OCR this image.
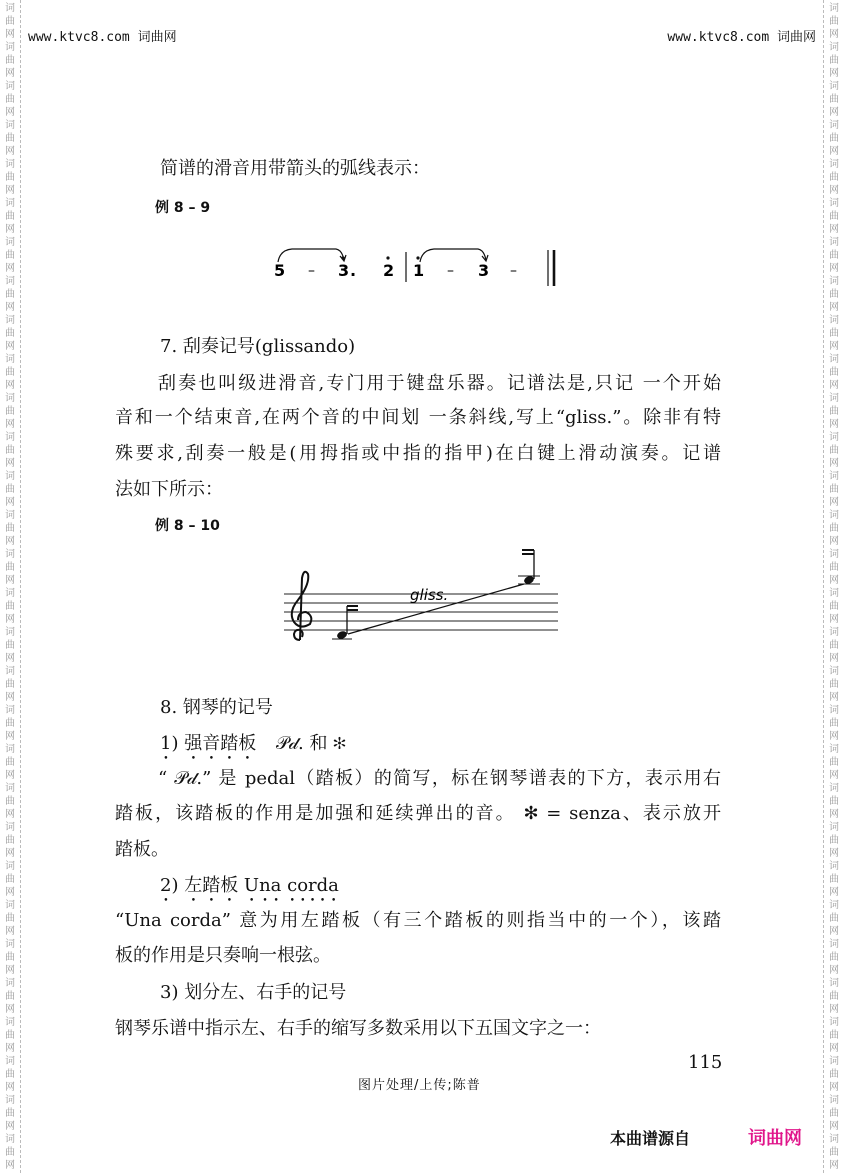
词曲网词曲网词曲网词曲网词曲网词曲网词曲网词曲网词曲网词曲网词曲网词曲网词曲网词曲网词曲网词曲网词曲网词曲网词曲网词曲网词曲网词曲网词曲网词曲网词曲网词曲网词曲网词曲网词曲网词曲网
词曲网词曲网词曲网词曲网词曲网词曲网词曲网词曲网词曲网词曲网词曲网词曲网词曲网词曲网词曲网词曲网词曲网词曲网词曲网词曲网词曲网词曲网词曲网词曲网词曲网词曲网词曲网词曲网词曲网词曲网
www.ktvc8.com 词曲网	www.ktvc8.com 词曲网
简谱的滑音用带箭头的弧线表示：
例 8 – 9
5 – 3 . 2 1 – 3 –
7. 刮奏记号(glissando)
刮奏也叫级进滑音,专门用于键盘乐器。记谱法是,只记 一个开始
音和一个结束音,在两个音的中间划 一条斜线,写上“gliss.”。除非有特
殊要求,刮奏一般是(用拇指或中指的指甲)在白键上滑动演奏。记谱
法如下所示：
例 8 – 10
gliss.
8. 钢琴的记号
1) 强音踏板 𝒫𝒹. 和 ✻
“ 𝒫𝒹.” 是 pedal（踏板）的简写，标在钢琴谱表的下方，表示用右
踏板，该踏板的作用是加强和延续弹出的音。 ✻ = senza、表示放开
踏板。
2) 左踏板 Una corda
“Una corda” 意为用左踏板（有三个踏板的则指当中的一个），该踏
板的作用是只奏响一根弦。
3) 划分左、右手的记号
钢琴乐谱中指示左、右手的缩写多数采用以下五国文字之一：
115
图片处理/上传;陈普
本曲谱源自	词曲网
